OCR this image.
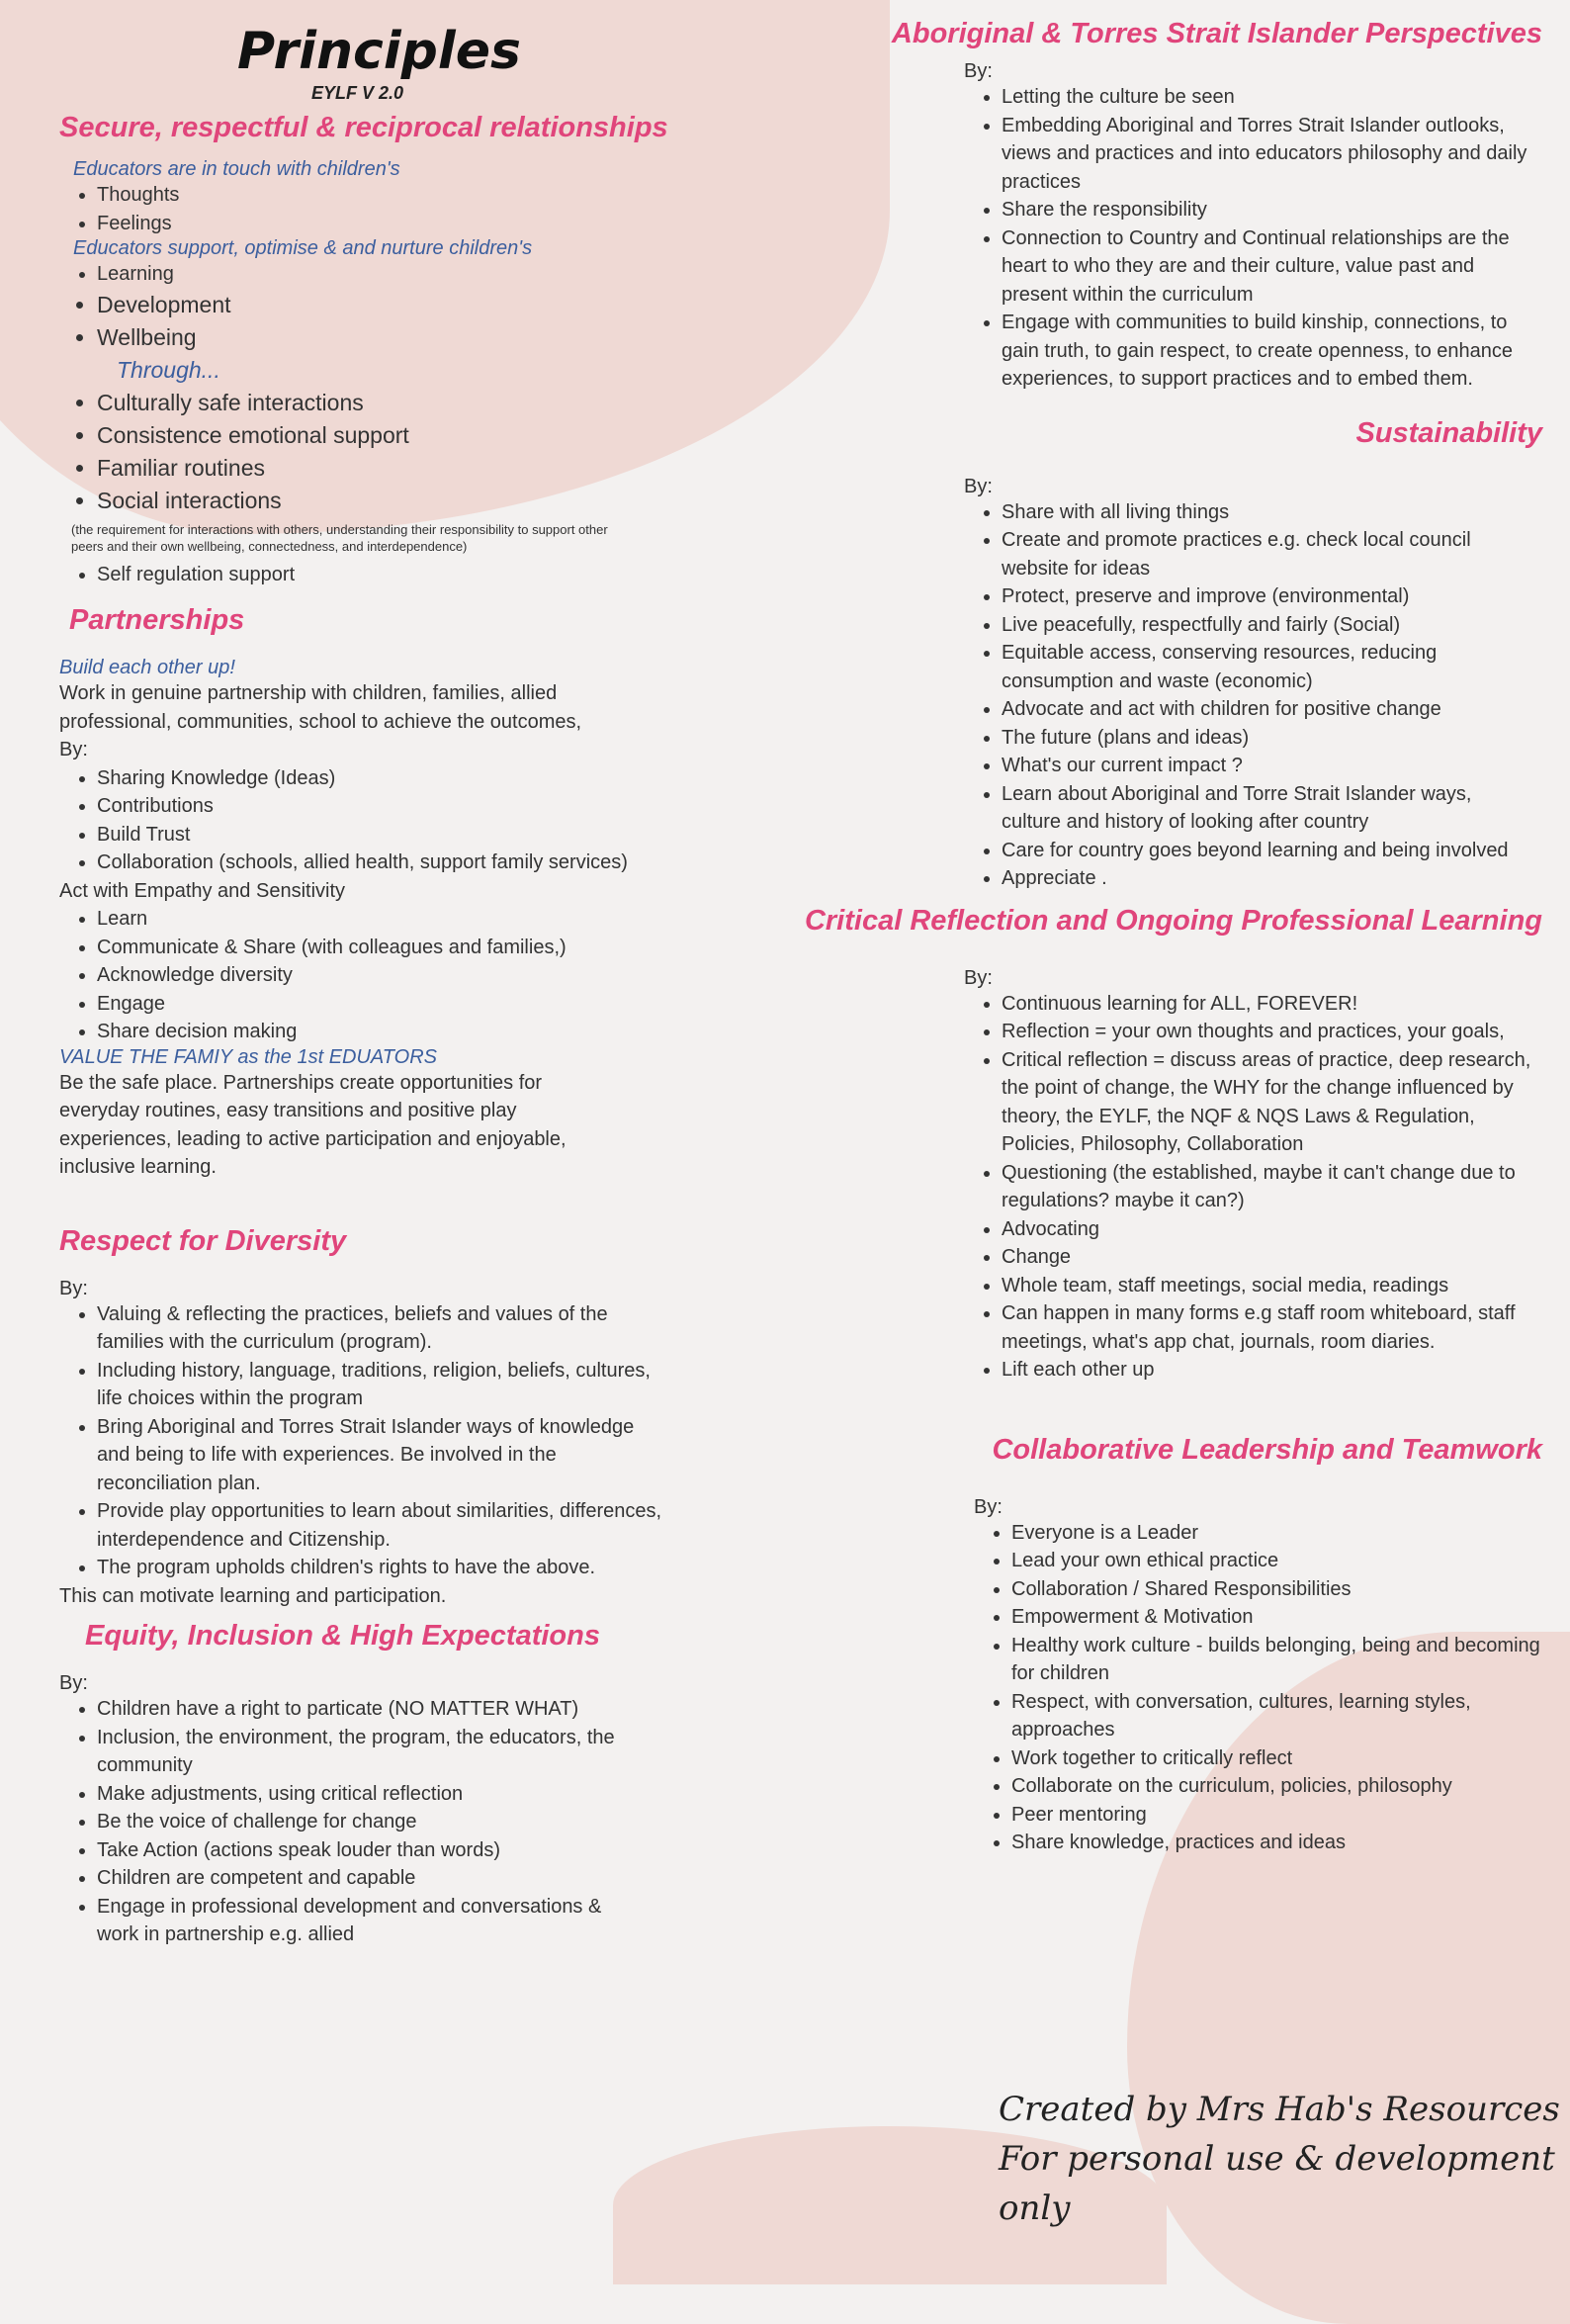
Principles
EYLF V 2.0
Secure, respectful & reciprocal relationships
Educators are in touch with children's
• Thoughts
• Feelings
Educators support, optimise & and nurture children's
• Learning
• Development
• Wellbeing
Through...
• Culturally safe interactions
• Consistence emotional support
• Familiar routines
• Social interactions
(the requirement for interactions with others, understanding their responsibility to support other peers and their own wellbeing, connectedness, and interdependence)
• Self regulation support
Partnerships
Build each other up!

Work in genuine partnership with children, families, allied professional, communities, school to achieve the outcomes, By:

• Sharing Knowledge (Ideas)
• Contributions
• Build Trust
• Collaboration (schools, allied health, support family services)

Act with Empathy and Sensitivity

• Learn
• Communicate & Share (with colleagues and families,)
• Acknowledge diversity
• Engage
• Share decision making
VALUE THE FAMIY as the 1st EDUATORS

Be the safe place. Partnerships create opportunities for everyday routines, easy transitions and positive play experiences, leading to active participation and enjoyable, inclusive learning.

Respect for Diversity
By:
• Valuing & reflecting the practices, beliefs and values of the families with the curriculum (program).
• Including history, language, traditions, religion, beliefs, cultures, life choices within the program
• Bring Aboriginal and Torres Strait Islander ways of knowledge and being to life with experiences. Be involved in the reconciliation plan.
• Provide play opportunities to learn about similarities, differences, interdependence and Citizenship.
• The program upholds children's rights to have the above.

This can motivate learning and participation.

Equity, Inclusion & High Expectations
By:
• Children have a right to particate (NO MATTER WHAT)
• Inclusion, the environment, the program, the educators, the community
• Make adjustments, using critical reflection
• Be the voice of challenge for change
• Take Action (actions speak louder than words)
• Children are competent and capable
• Engage in professional development and conversations & work in partnership e.g. allied
Aboriginal & Torres Strait Islander Perspectives
By:
• Letting the culture be seen
• Embedding Aboriginal and Torres Strait Islander outlooks, views and practices and into educators philosophy and daily practices
• Share the responsibility
• Connection to Country and Continual relationships are the heart to who they are and their culture, value past and present within the curriculum
• Engage with communities to build kinship, connections, to gain truth, to gain respect, to create openness, to enhance experiences, to support practices and to embed them.
Sustainability
By:
• Share with all living things
• Create and promote practices e.g. check local council website for ideas
• Protect, preserve and improve (environmental)
• Live peacefully, respectfully and fairly (Social)
• Equitable access, conserving resources, reducing consumption and waste (economic)
• Advocate and act with children for positive change
• The future (plans and ideas)
• What's our current impact ?
• Learn about Aboriginal and Torre Strait Islander ways, culture and history of looking after country
• Care for country goes beyond learning and being involved
• Appreciate .
Critical Reflection and Ongoing Professional Learning
By:
• Continuous learning for ALL, FOREVER!
• Reflection = your own thoughts and practices, your goals,
• Critical reflection = discuss areas of practice, deep research, the point of change, the WHY for the change influenced by theory, the EYLF, the NQF & NQS Laws & Regulation, Policies, Philosophy, Collaboration
• Questioning (the established, maybe it can't change due to regulations? maybe it can?)
• Advocating
• Change
• Whole team, staff meetings, social media, readings
• Can happen in many forms e.g staff room whiteboard, staff meetings, what's app chat, journals, room diaries.
• Lift each other up
Collaborative Leadership and Teamwork
By:
• Everyone is a Leader
• Lead your own ethical practice
• Collaboration / Shared Responsibilities
• Empowerment & Motivation
• Healthy work culture - builds belonging, being and becoming for children
• Respect, with conversation, cultures, learning styles, approaches
• Work together to critically reflect
• Collaborate on the curriculum, policies, philosophy
• Peer mentoring
• Share knowledge, practices and ideas
Created by Mrs Hab's Resources
For personal use & development only
